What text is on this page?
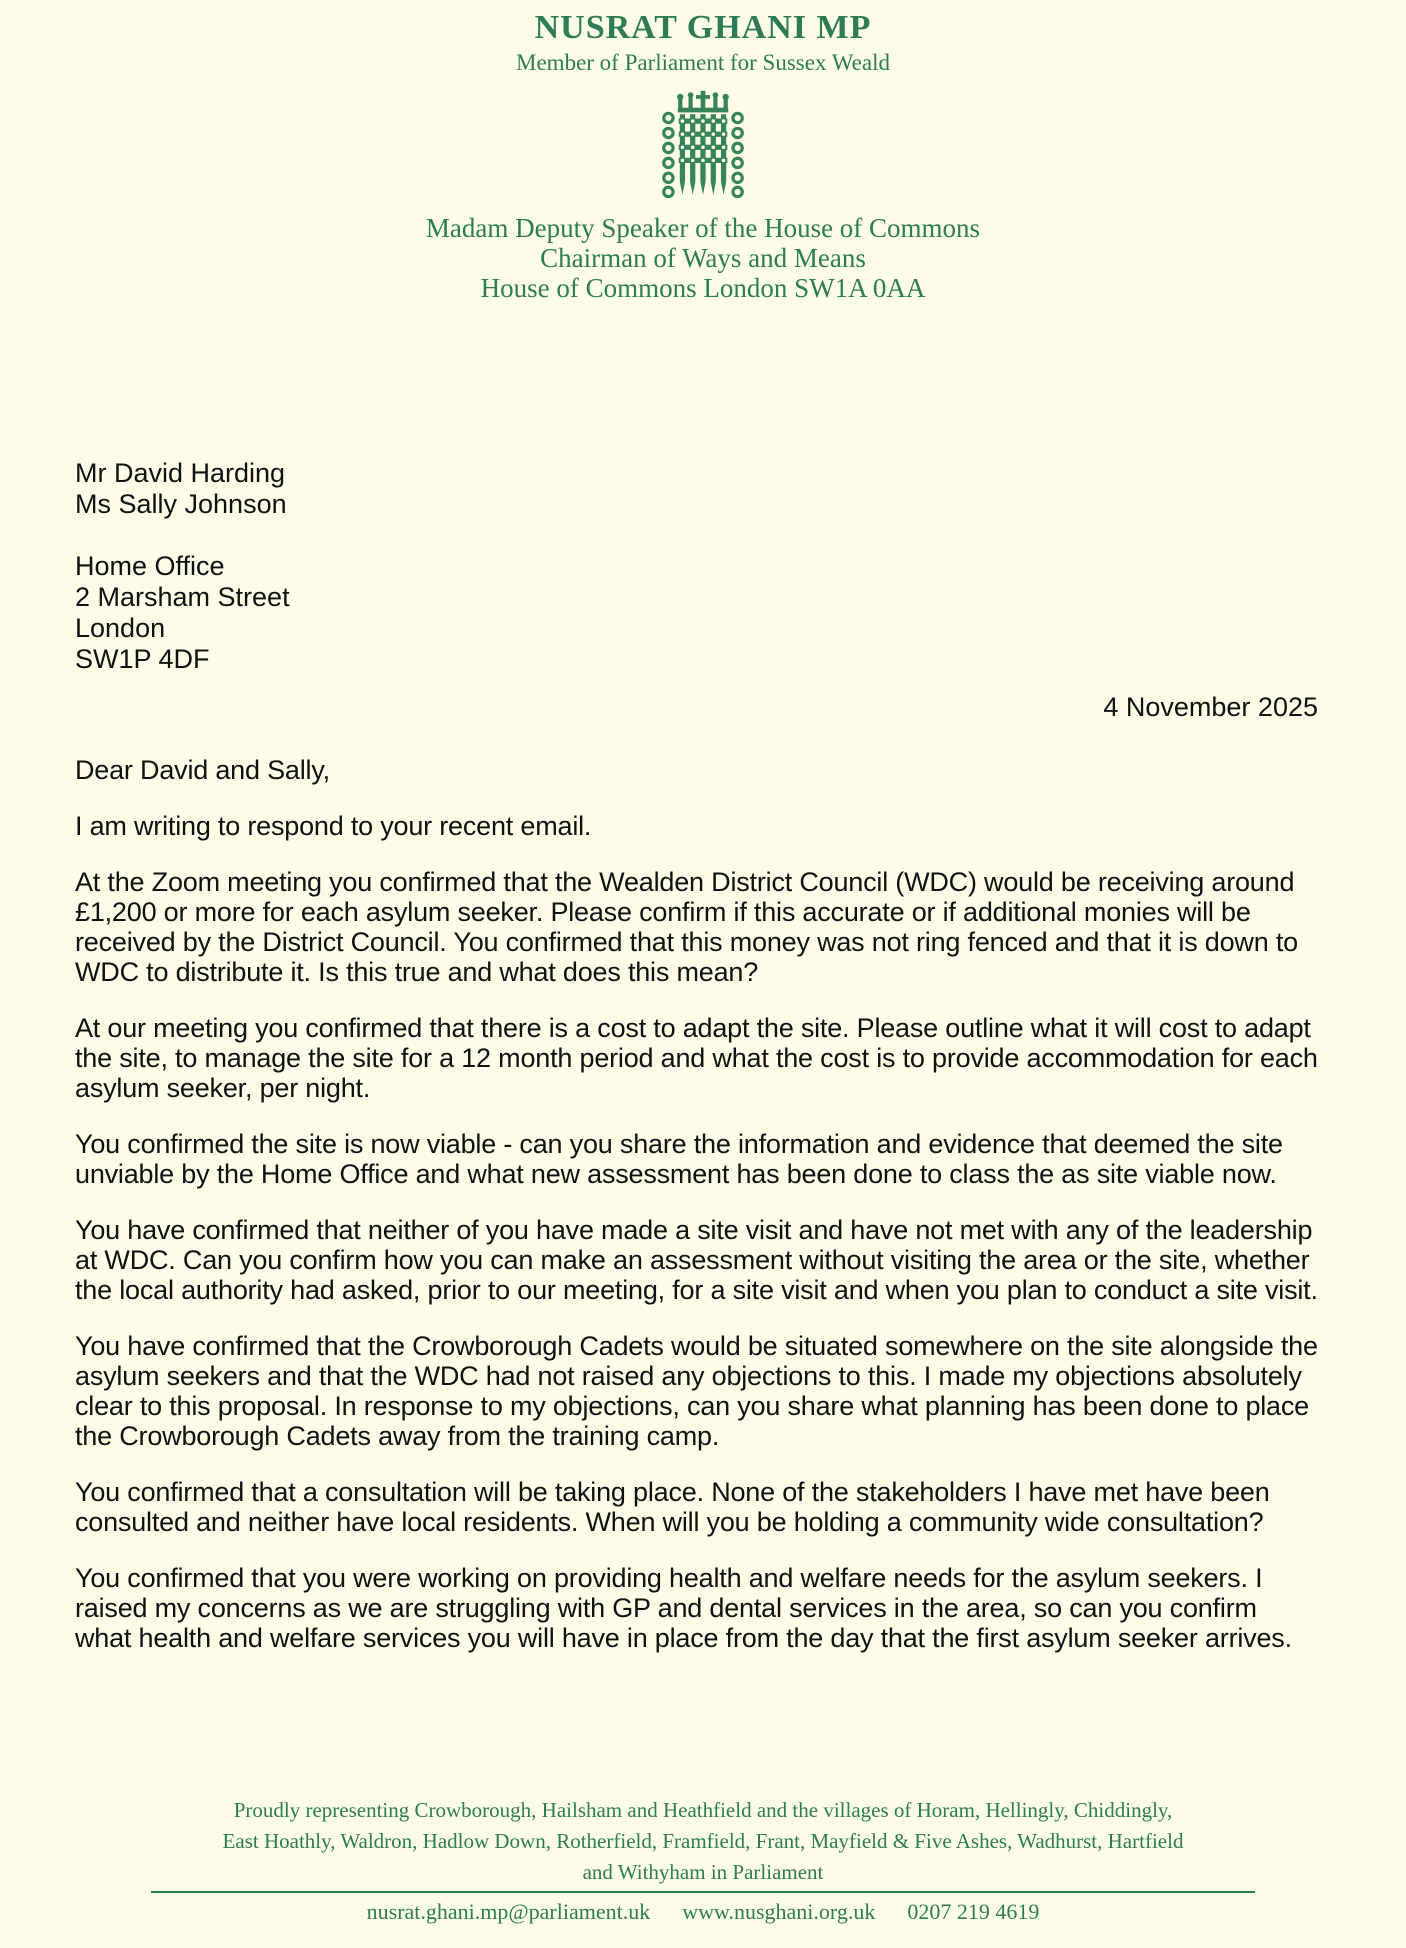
NUSRAT GHANI MP
Member of Parliament for Sussex Weald
Madam Deputy Speaker of the House of Commons
Chairman of Ways and Means
House of Commons London SW1A 0AA
Mr David Harding
Ms Sally Johnson
Home Office
2 Marsham Street
London
SW1P 4DF
4 November 2025

Dear David and Sally,

I am writing to respond to your recent email.

At the Zoom meeting you confirmed that the Wealden District Council (WDC) would be receiving around £1,200 or more for each asylum seeker. Please confirm if this accurate or if additional monies will be received by the District Council. You confirmed that this money was not ring fenced and that it is down to WDC to distribute it. Is this true and what does this mean?

At our meeting you confirmed that there is a cost to adapt the site. Please outline what it will cost to adapt the site, to manage the site for a 12 month period and what the cost is to provide accommodation for each asylum seeker, per night.

You confirmed the site is now viable - can you share the information and evidence that deemed the site unviable by the Home Office and what new assessment has been done to class the as site viable now.

You have confirmed that neither of you have made a site visit and have not met with any of the leadership at WDC. Can you confirm how you can make an assessment without visiting the area or the site, whether the local authority had asked, prior to our meeting, for a site visit and when you plan to conduct a site visit.

You have confirmed that the Crowborough Cadets would be situated somewhere on the site alongside the asylum seekers and that the WDC had not raised any objections to this. I made my objections absolutely clear to this proposal. In response to my objections, can you share what planning has been done to place the Crowborough Cadets away from the training camp.

You confirmed that a consultation will be taking place. None of the stakeholders I have met have been consulted and neither have local residents. When will you be holding a community wide consultation?

You confirmed that you were working on providing health and welfare needs for the asylum seekers. I raised my concerns as we are struggling with GP and dental services in the area, so can you confirm what health and welfare services you will have in place from the day that the first asylum seeker arrives.

Proudly representing Crowborough, Hailsham and Heathfield and the villages of Horam, Hellingly, Chiddingly,
East Hoathly, Waldron, Hadlow Down, Rotherfield, Framfield, Frant, Mayfield & Five Ashes, Wadhurst, Hartfield
and Withyham in Parliament
nusrat.ghani.mp@parliament.uk www.nusghani.org.uk 0207 219 4619
